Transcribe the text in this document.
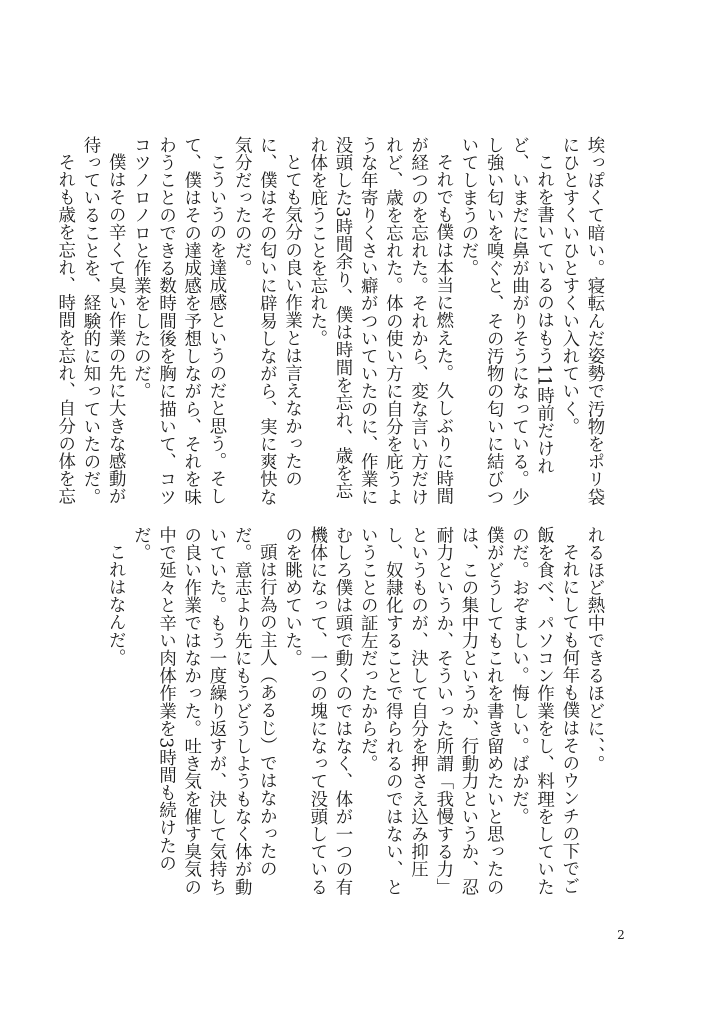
埃っぽくて暗い。寝転んだ姿勢で汚物をポリ袋にひとすくいひとすくい入れていく。

これを書いているのはもう11時前だけれど、いまだに鼻が曲がりそうになっている。少し強い匂いを嗅ぐと、その汚物の匂いに結びついてしまうのだ。

それでも僕は本当に燃えた。久しぶりに時間が経つのを忘れた。それから、変な言い方だけれど、歳を忘れた。体の使い方に自分を庇うような年寄りくさい癖がついていたのに、作業に没頭した3時間余り、僕は時間を忘れ、歳を忘れ体を庇うことを忘れた。

とても気分の良い作業とは言えなかったのに、僕はその匂いに辟易しながら、実に爽快な気分だったのだ。

こういうのを達成感というのだと思う。そして、僕はその達成感を予想しながら、それを味わうことのできる数時間後を胸に描いて、コツコツノロノロと作業をしたのだ。

僕はその辛くて臭い作業の先に大きな感動が待っていることを、経験的に知っていたのだ。

それも歳を忘れ、時間を忘れ、自分の体を忘

れるほど熱中できるほどに、、。

それにしても何年も僕はそのウンチの下でご飯を食べ、パソコン作業をし、料理をしていたのだ。おぞましい。悔しい。ばかだ。

僕がどうしてもこれを書き留めたいと思ったのは、この集中力というか、行動力というか、忍耐力というか、そういった所謂「我慢する力」というものが、決して自分を押さえ込み抑圧し、奴隷化することで得られるのではない、ということの証左だったからだ。

むしろ僕は頭で動くのではなく、体が一つの有機体になって、一つの塊になって没頭しているのを眺めていた。

頭は行為の主人（あるじ）ではなかったのだ。意志より先にもうどうしようもなく体が動いていた。もう一度繰り返すが、決して気持ちの良い作業ではなかった。吐き気を催す臭気の中で延々と辛い肉体作業を3時間も続けたのだ。

これはなんだ。

2
